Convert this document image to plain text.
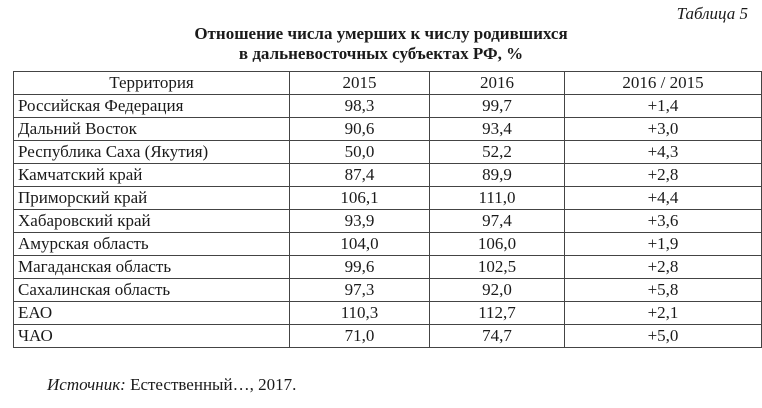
Таблица 5
Отношение числа умерших к числу родившихся
в дальневосточных субъектах РФ, %
Территория	2015	2016	2016 / 2015
Российская Федерация	98,3	99,7	+1,4
Дальний Восток	90,6	93,4	+3,0
Республика Саха (Якутия)	50,0	52,2	+4,3
Камчатский край	87,4	89,9	+2,8
Приморский край	106,1	111,0	+4,4
Хабаровский край	93,9	97,4	+3,6
Амурская область	104,0	106,0	+1,9
Магаданская область	99,6	102,5	+2,8
Сахалинская область	97,3	92,0	+5,8
ЕАО	110,3	112,7	+2,1
ЧАО	71,0	74,7	+5,0
Источник: Естественный…, 2017.
